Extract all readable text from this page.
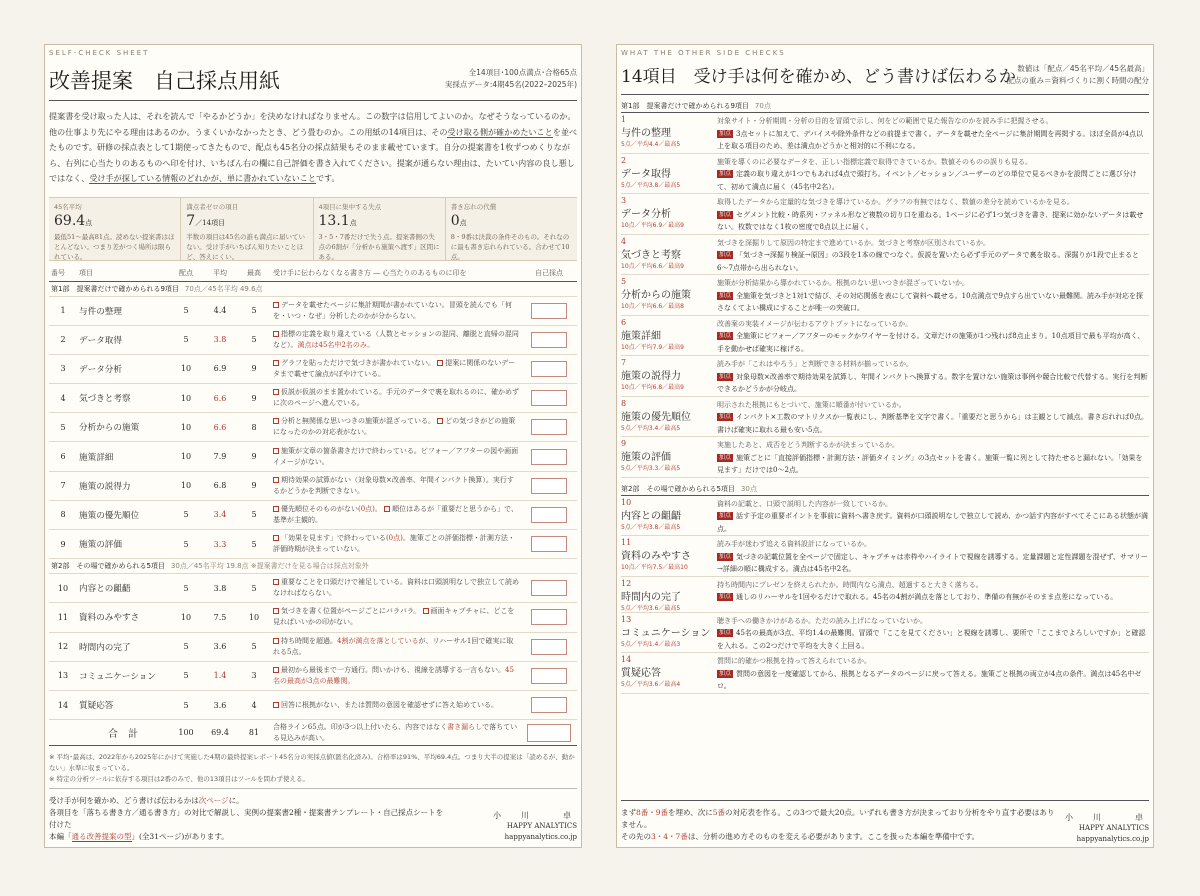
SELF-CHECK SHEET
改善提案　自己採点用紙	全14項目･100点満点･合格65点
実採点データ:4期45名(2022–2025年)
提案書を受け取った人は、それを読んで「やるかどうか」を決めなければなりません。この数字は信用してよいのか。なぜそうなっているのか。他の仕事より先にやる理由はあるのか。うまくいかなかったとき、どう畳むのか。この用紙の14項目は、その受け取る側が確かめたいことを並べたものです。研修の採点表として1期使ってきたもので、配点も45名分の採点結果もそのまま載せています。自分の提案書を1枚ずつめくりながら、右列に心当たりのあるものへ印を付け、いちばん右の欄に自己評価を書き入れてください。提案が通らない理由は、たいてい内容の良し悪しではなく、受け手が探している情報のどれかが、単に書かれていないことです。
45名平均
69.4点
最低51〜最高81点。読めない提案書はほとんどない。つまり差がつく場所は限られている。
満点者ゼロの項目
7／14項目
半数の項目は45名の誰も満点に届いていない。受け手がいちばん知りたいことほど、答えにくい。
4項目に集中する失点
13.1点
3・5・7番だけで失う点。提案書側の失点の6割が「分析から施策へ渡す」区間にある。
書き忘れの代償
0点
8・9番は決裁の条件そのもの。それなのに最も書き忘れられている。合わせて10点。
番号	項目	配点	平均	最高	受け手に伝わらなくなる書き方 ― 心当たりのあるものに印を	自己採点
第1部　提案書だけで確かめられる9項目 70点／45名平均 49.6点						
1	与件の整理	5	4.4	5	データを載せたページに集計期間が書かれていない。冒頭を読んでも「何を・いつ・なぜ」分析したのかが分からない。	

2	データ取得	5	3.8	5	指標の定義を取り違えている（人数とセッションの混同、離脱と直帰の混同など）。満点は45名中2名のみ。	

3	データ分析	10	6.9	9	グラフを貼っただけで気づきが書かれていない。 提案に関係のないデータまで載せて論点がぼやけている。	

4	気づきと考察	10	6.6	9	仮説が仮説のまま置かれている。手元のデータで裏を取れるのに、確かめずに次のページへ進んでいる。	

5	分析からの施策	10	6.6	8	分析と無関係な思いつきの施策が混ざっている。 どの気づきがどの施策になったのかの対応表がない。	

6	施策詳細	10	7.9	9	施策が文章の箇条書きだけで終わっている。ビフォー／アフターの図や画面イメージがない。	

7	施策の説得力	10	6.8	9	期待効果の試算がない（対象母数×改善率、年間インパクト換算）。実行するかどうかを判断できない。	

8	施策の優先順位	5	3.4	5	優先順位そのものがない(0点)。 順位はあるが「重要だと思うから」で、基準が主観的。	

9	施策の評価	5	3.3	5	「効果を見ます」で終わっている(0点)。施策ごとの評価指標・計測方法・評価時期が決まっていない。	

第2部　その場で確かめられる5項目 30点／45名平均 19.8点 ※提案書だけを見る場合は採点対象外						
10	内容との齟齬	5	3.8	5	重要なことを口頭だけで補足している。資料は口頭説明なしで独立して読めなければならない。	

11	資料のみやすさ	10	7.5	10	気づきを書く位置がページごとにバラバラ。 画面キャプチャに、どこを見ればいいかの印がない。	

12	時間内の完了	5	3.6	5	持ち時間を超過。4割が満点を落としているが、リハーサル1回で確実に取れる5点。	

13	コミュニケーション	5	1.4	3	最初から最後まで一方通行。問いかけも、視線を誘導する一言もない。45名の最高が3点の最難関。	

14	質疑応答	5	3.6	4	回答に根拠がない、または質問の意図を確認せずに答え始めている。	

	合　計	100	69.4	81	合格ライン65点。印が3つ以上付いたら、内容ではなく書き漏らしで落ちている見込みが高い。	
※ 平均･最高は、2022年から2025年にかけて実施した4期の最終提案レポート45名分の実採点値(匿名化済み)。合格率は91%、平均69.4点。つまり大半の提案は「読めるが、動かない」水準に収まっている。
※ 特定の分析ツールに依存する項目は2番のみで、他の13項目はツールを問わず使える。
受け手が何を確かめ、どう書けば伝わるかは次ページに。
各項目を「落ちる書き方／通る書き方」の対比で解説し、実例の提案書2種・提案書テンプレート・自己採点シートを付けた
本編「通る改善提案の型」(全31ページ)があります。
小　川　　卓
HAPPY ANALYTICS
happyanalytics.co.jp
WHAT THE OTHER SIDE CHECKS
14項目　受け手は何を確かめ、どう書けば伝わるか 数値は「配点／45名平均／45名最高」
配点の重み＝資料づくりに割く時間の配分
第1部　提案書だけで確かめられる9項目 70点
1
与件の整理
5点／平均4.4／最高5
対象サイト・分析期間・分析の目的を冒頭で示し、何をどの範囲で見た報告なのかを読み手に把握させる。
加点 3点セットに加えて、デバイスや除外条件などの前提まで書く。データを載せた全ページに集計期間を再掲する。ほぼ全員が4点以上を取る項目のため、差は満点かどうかと相対的に不利になる。
2
データ取得
5点／平均3.8／最高5
施策を導くのに必要なデータを、正しい指標定義で取得できているか。数値そのものの誤りも見る。
加点 定義の取り違えが1つでもあれば4点で頭打ち。イベント／セッション／ユーザーのどの単位で見るべきかを設問ごとに選び分けて、初めて満点に届く（45名中2名）。
3
データ分析
10点／平均6.9／最高9
取得したデータから定量的な気づきを導けているか。グラフの有無ではなく、数値の差分を読めているかを見る。
加点 セグメント比較・時系列・ファネル形など複数の切り口を重ねる。1ページに必ず1つ気づきを書き、提案に効かないデータは載せない。枚数ではなく1枚の密度で8点以上に届く。
4
気づきと考察
10点／平均6.6／最高9
気づきを深掘りして原因の特定まで進めているか。気づきと考察が区別されているか。
加点 「気づき→深掘り検証→原因」の3段を1本の線でつなぐ。仮説を置いたら必ず手元のデータで裏を取る。深掘りが1段で止まると6〜7点帯から出られない。
5
分析からの施策
10点／平均6.6／最高8
施策が分析結果から導かれているか。根拠のない思いつきが混ざっていないか。
加点 全施策を気づきと1対1で結び、その対応関係を表にして資料へ載せる。10点満点で9点すら出ていない最難関。読み手が対応を探さなくてよい構成にすることが唯一の突破口。
6
施策詳細
10点／平均7.9／最高9
改善案の実装イメージが伝わるアウトプットになっているか。
加点 全施策にビフォー／アフターのモックかワイヤーを付ける。文章だけの施策が1つ残れば8点止まり。10点項目で最も平均が高く、手を動かせば確実に稼げる。
7
施策の説得力
10点／平均6.8／最高9
読み手が「これはやろう」と判断できる材料が揃っているか。
加点 対象母数×改善率で期待効果を試算し、年間インパクトへ換算する。数字を置けない施策は事例や競合比較で代替する。実行を判断できるかどうかが分岐点。
8
施策の優先順位
5点／平均3.4／最高5
明示された根拠にもとづいて、施策に順番が付いているか。
加点 インパクト×工数のマトリクスか一覧表にし、判断基準を文字で書く。「重要だと思うから」は主観として減点。書き忘れれば0点。書けば確実に取れる最も安い5点。
9
施策の評価
5点／平均3.3／最高5
実施したあと、成否をどう判断するかが決まっているか。
加点 施策ごとに「直接評価指標・計測方法・評価タイミング」の3点セットを書く。施策一覧に列として持たせると漏れない。「効果を見ます」だけでは0〜2点。
第2部　その場で確かめられる5項目 30点
10
内容との齟齬
5点／平均3.8／最高5
資料の記載と、口頭で説明した内容が一致しているか。
加点 話す予定の重要ポイントを事前に資料へ書き戻す。資料が口頭説明なしで独立して読め、かつ話す内容がすべてそこにある状態が満点。
11
資料のみやすさ
10点／平均7.5／最高10
読み手が迷わず追える資料設計になっているか。
加点 気づきの記載位置を全ページで固定し、キャプチャは赤枠やハイライトで視線を誘導する。定量課題と定性課題を混ぜず、サマリー→詳細の順に構成する。満点は45名中2名。
12
時間内の完了
5点／平均3.6／最高5
持ち時間内にプレゼンを終えられたか。時間内なら満点、超過すると大きく落ちる。
加点 通しのリハーサルを1回やるだけで取れる。45名の4割が満点を落としており、準備の有無がそのまま点差になっている。
13
コミュニケーション
5点／平均1.4／最高3
聴き手への働きかけがあるか。ただの読み上げになっていないか。
加点 45名の最高が3点、平均1.4の最難関。冒頭で「ここを見てください」と視線を誘導し、要所で「ここまでよろしいですか」と確認を入れる。この2つだけで平均を大きく上回る。
14
質疑応答
5点／平均3.6／最高4
質問に的確かつ根拠を持って答えられているか。
加点 質問の意図を一度確認してから、根拠となるデータのページに戻って答える。施策ごと根拠の両立が4点の条件。満点は45名中ゼロ。
まず8番・9番を埋め、次に5番の対応表を作る。この3つで最大20点。いずれも書き方が決まっており分析をやり直す必要はありません。
その先の3・4・7番は、分析の進め方そのものを変える必要があります。ここを扱った本編を準備中です。
小　川　　卓
HAPPY ANALYTICS
happyanalytics.co.jp
